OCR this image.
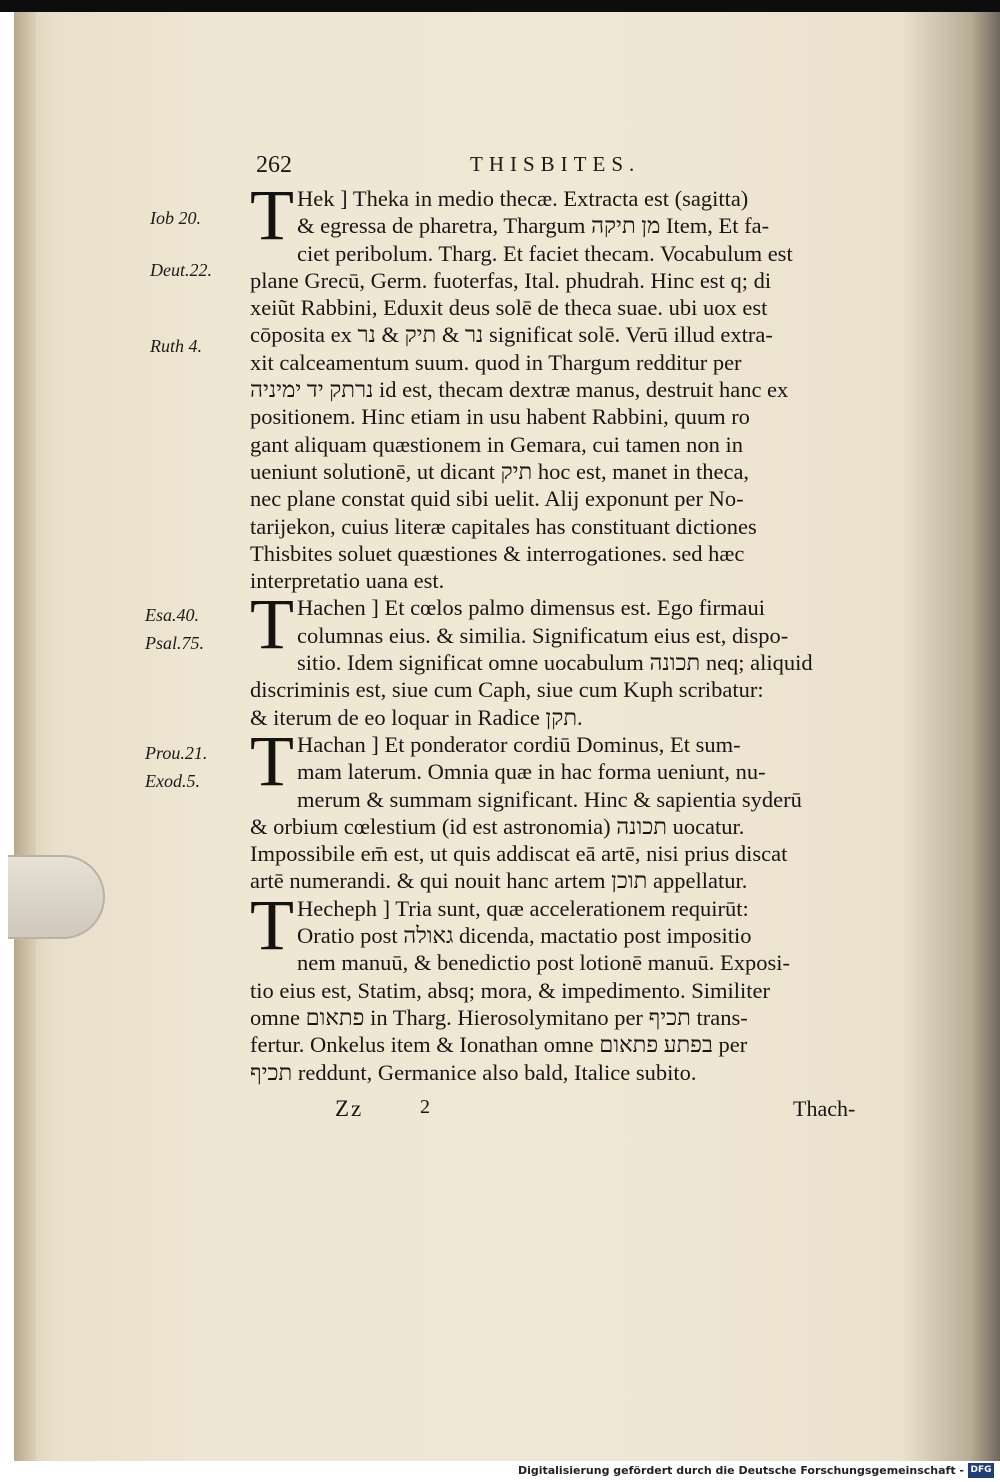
262	THISBITES.
Iob 20.
Deut.22.
Ruth 4.
Esa.40.
Psal.75.
Prou.21.
Exod.5.
T Hek ] Theka in medio thecæ. Extracta est (sagitta)
& egressa de pharetra, Thargum מן תיקה Item, Et fa-
ciet peribolum. Tharg. Et faciet thecam. Vocabulum est
plane Grecū, Germ. fuoterfas, Ital. phudrah. Hinc est q; di
xeiũt Rabbini, Eduxit deus solē de theca suae. ubi uox est
cōposita ex נר & תיק & נר significat solē. Verū illud extra-
xit calceamentum suum. quod in Thargum redditur per
נרתק יד ימיניה id est, thecam dextræ manus, destruit hanc ex
positionem. Hinc etiam in usu habent Rabbini, quum ro
gant aliquam quæstionem in Gemara, cui tamen non in
ueniunt solutionē, ut dicant תיק hoc est, manet in theca,
nec plane constat quid sibi uelit. Alij exponunt per No-
tarijekon, cuius literæ capitales has constituant dictiones
Thisbites soluet quæstiones & interrogationes. sed hæc
interpretatio uana est.
T Hachen ] Et cœlos palmo dimensus est. Ego firmaui
columnas eius. & similia. Significatum eius est, dispo-
sitio. Idem significat omne uocabulum תכונה neq; aliquid
discriminis est, siue cum Caph, siue cum Kuph scribatur:
& iterum de eo loquar in Radice תקן.
T Hachan ] Et ponderator cordiū Dominus, Et sum-
mam laterum. Omnia quæ in hac forma ueniunt, nu-
merum & summam significant. Hinc & sapientia syderū
& orbium cœlestium (id est astronomia) תכונה uocatur.
Impossibile em̄ est, ut quis addiscat eā artē, nisi prius discat
artē numerandi. & qui nouit hanc artem תוכן appellatur.
T Hecheph ] Tria sunt, quæ accelerationem requirūt:
Oratio post גאולה dicenda, mactatio post impositio
nem manuū, & benedictio post lotionē manuū. Exposi-
tio eius est, Statim, absq; mora, & impedimento. Similiter
omne פתאום in Tharg. Hierosolymitano per תכיף trans-
fertur. Onkelus item & Ionathan omne בפתע פתאום per
תכיף reddunt, Germanice also bald, Italice subito.
Zz	2	Thach-
Digitalisierung gefördert durch die Deutsche Forschungsgemeinschaft - DFG
